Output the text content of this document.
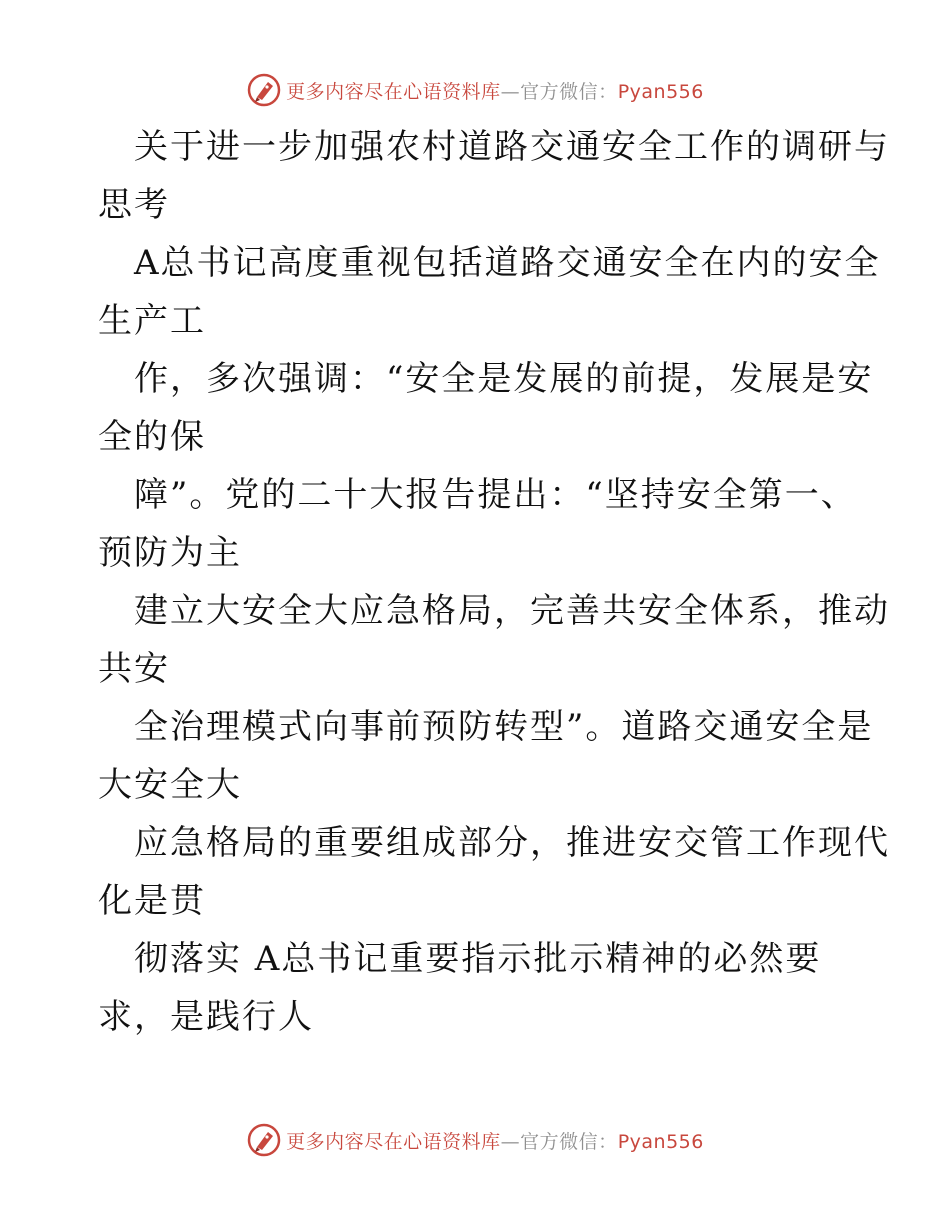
更多内容尽在心语资料库—官方微信：Pyan556
关于进一步加强农村道路交通安全工作的调研与
思考
A总书记高度重视包括道路交通安全在内的安全
生产工
作，多次强调：“安全是发展的前提，发展是安
全的保
障”。党的二十大报告提出：“坚持安全第一、
预防为主
建立大安全大应急格局，完善共安全体系，推动
共安
全治理模式向事前预防转型”。道路交通安全是
大安全大
应急格局的重要组成部分，推进安交管工作现代
化是贯
彻落实 A总书记重要指示批示精神的必然要
求，是践行人
更多内容尽在心语资料库—官方微信：Pyan556
